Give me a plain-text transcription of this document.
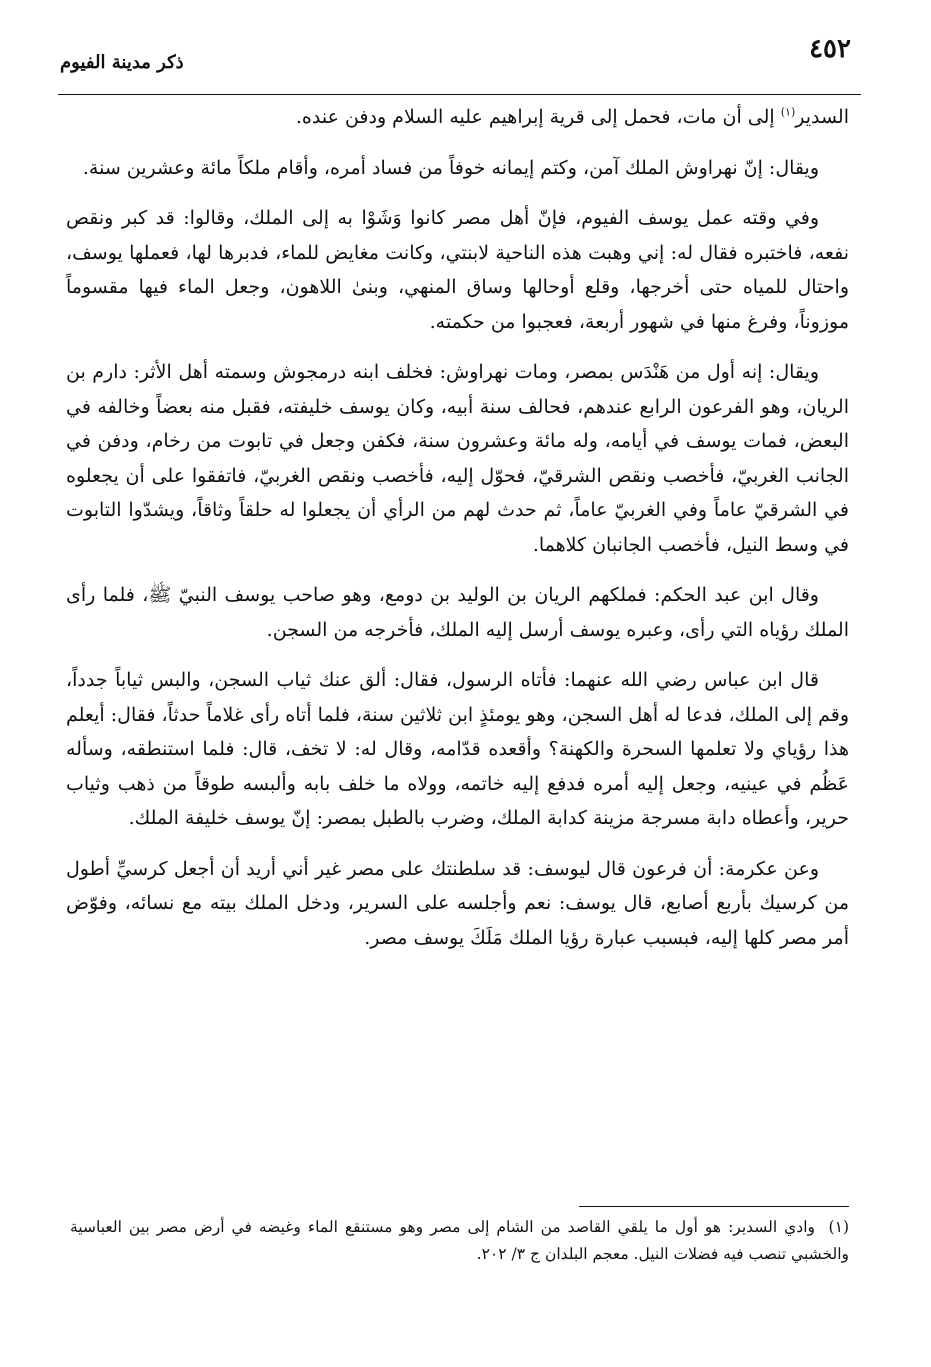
٤٥٢
ذكر مدينة الفيوم

السدير$^{(١)}$ إلى أن مات، فحمل إلى قرية إبراهيم عليه السلام ودفن عنده.

ويقال: إنّ نهراوش الملك آمن، وكتم إيمانه خوفاً من فساد أمره، وأقام ملكاً مائة وعشرين سنة.

وفي وقته عمل يوسف الفيوم، فإنّ أهل مصر كانوا وَشَوْا به إلى الملك، وقالوا: قد كبر ونقص نفعه، فاختبره فقال له: إني وهبت هذه الناحية لابنتي، وكانت مغايض للماء، فدبرها لها، فعملها يوسف، واحتال للمياه حتى أخرجها، وقلع أوحالها وساق المنهي، وبنىٰ اللاهون، وجعل الماء فيها مقسوماً موزوناً، وفرغ منها في شهور أربعة، فعجبوا من حكمته.

ويقال: إنه أول من هَنْدَس بمصر، ومات نهراوش: فخلف ابنه درمجوش وسمته أهل الأثر: دارم بن الريان، وهو الفرعون الرابع عندهم، فحالف سنة أبيه، وكان يوسف خليفته، فقبل منه بعضاً وخالفه في البعض، فمات يوسف في أيامه، وله مائة وعشرون سنة، فكفن وجعل في تابوت من رخام، ودفن في الجانب الغربيّ، فأخصب ونقص الشرقيّ، فحوّل إليه، فأخصب ونقص الغربيّ، فاتفقوا على أن يجعلوه في الشرقيّ عاماً وفي الغربيّ عاماً، ثم حدث لهم من الرأي أن يجعلوا له حلقاً وثاقاً، ويشدّوا التابوت في وسط النيل، فأخصب الجانبان كلاهما.

وقال ابن عبد الحكم: فملكهم الريان بن الوليد بن دومع، وهو صاحب يوسف النبيّ ﷺ، فلما رأى الملك رؤياه التي رأى، وعبره يوسف أرسل إليه الملك، فأخرجه من السجن.

قال ابن عباس رضي الله عنهما: فأتاه الرسول، فقال: ألق عنك ثياب السجن، والبس ثياباً جدداً، وقم إلى الملك، فدعا له أهل السجن، وهو يومئذٍ ابن ثلاثين سنة، فلما أتاه رأى غلاماً حدثاً، فقال: أيعلم هذا رؤياي ولا تعلمها السحرة والكهنة؟ وأقعده قدّامه، وقال له: لا تخف، قال: فلما استنطقه، وسأله عَظُم في عينيه، وجعل إليه أمره فدفع إليه خاتمه، وولاه ما خلف بابه وألبسه طوقاً من ذهب وثياب حرير، وأعطاه دابة مسرجة مزينة كدابة الملك، وضرب بالطبل بمصر: إنّ يوسف خليفة الملك.

وعن عكرمة: أن فرعون قال ليوسف: قد سلطنتك على مصر غير أني أريد أن أجعل كرسيِّ أطول من كرسيك بأربع أصابع، قال يوسف: نعم وأجلسه على السرير، ودخل الملك بيته مع نسائه، وفوّض أمر مصر كلها إليه، فبسبب عبارة رؤيا الملك مَلَكَ يوسف مصر.

(١)وادي السدير: هو أول ما يلقي القاصد من الشام إلى مصر وهو مستنقع الماء وغيضه في أرض مصر بين العباسية والخشبي تنصب فيه فضلات النيل. معجم البلدان ج ٣/ ٢٠٢.
